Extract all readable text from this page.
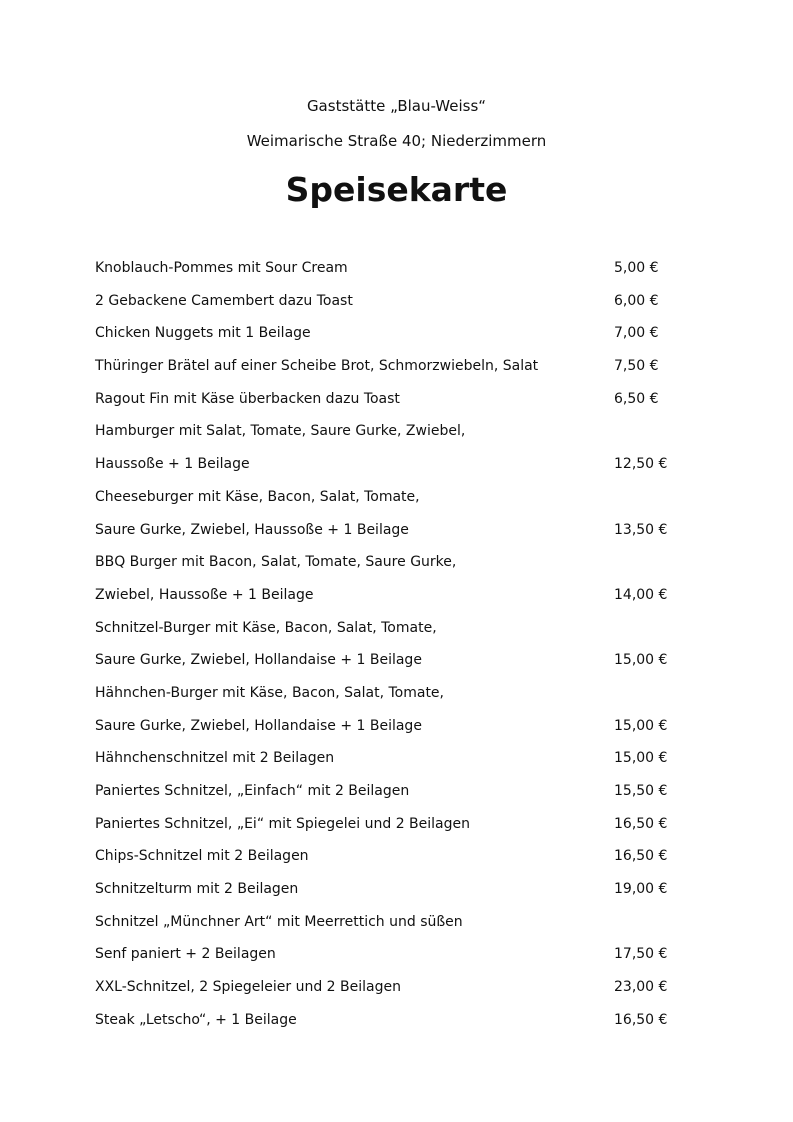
Gaststätte „Blau-Weiss“
Weimarische Straße 40; Niederzimmern
Speisekarte
Knoblauch-Pommes mit Sour Cream	5,00 €
2 Gebackene Camembert dazu Toast	6,00 €
Chicken Nuggets mit 1 Beilage	7,00 €
Thüringer Brätel auf einer Scheibe Brot, Schmorzwiebeln, Salat	7,50 €
Ragout Fin mit Käse überbacken dazu Toast	6,50 €
Hamburger mit Salat, Tomate, Saure Gurke, Zwiebel,
Haussoße + 1 Beilage	12,50 €
Cheeseburger mit Käse, Bacon, Salat, Tomate,
Saure Gurke, Zwiebel, Haussoße + 1 Beilage	13,50 €
BBQ Burger mit Bacon, Salat, Tomate, Saure Gurke,
Zwiebel, Haussoße + 1 Beilage	14,00 €
Schnitzel-Burger mit Käse, Bacon, Salat, Tomate,
Saure Gurke, Zwiebel, Hollandaise + 1 Beilage	15,00 €
Hähnchen-Burger mit Käse, Bacon, Salat, Tomate,
Saure Gurke, Zwiebel, Hollandaise + 1 Beilage	15,00 €
Hähnchenschnitzel mit 2 Beilagen	15,00 €
Paniertes Schnitzel, „Einfach“ mit 2 Beilagen	15,50 €
Paniertes Schnitzel, „Ei“ mit Spiegelei und 2 Beilagen	16,50 €
Chips-Schnitzel mit 2 Beilagen	16,50 €
Schnitzelturm mit 2 Beilagen	19,00 €
Schnitzel „Münchner Art“ mit Meerrettich und süßen
Senf paniert + 2 Beilagen	17,50 €
XXL-Schnitzel, 2 Spiegeleier und 2 Beilagen	23,00 €
Steak „Letscho“, + 1 Beilage	16,50 €
